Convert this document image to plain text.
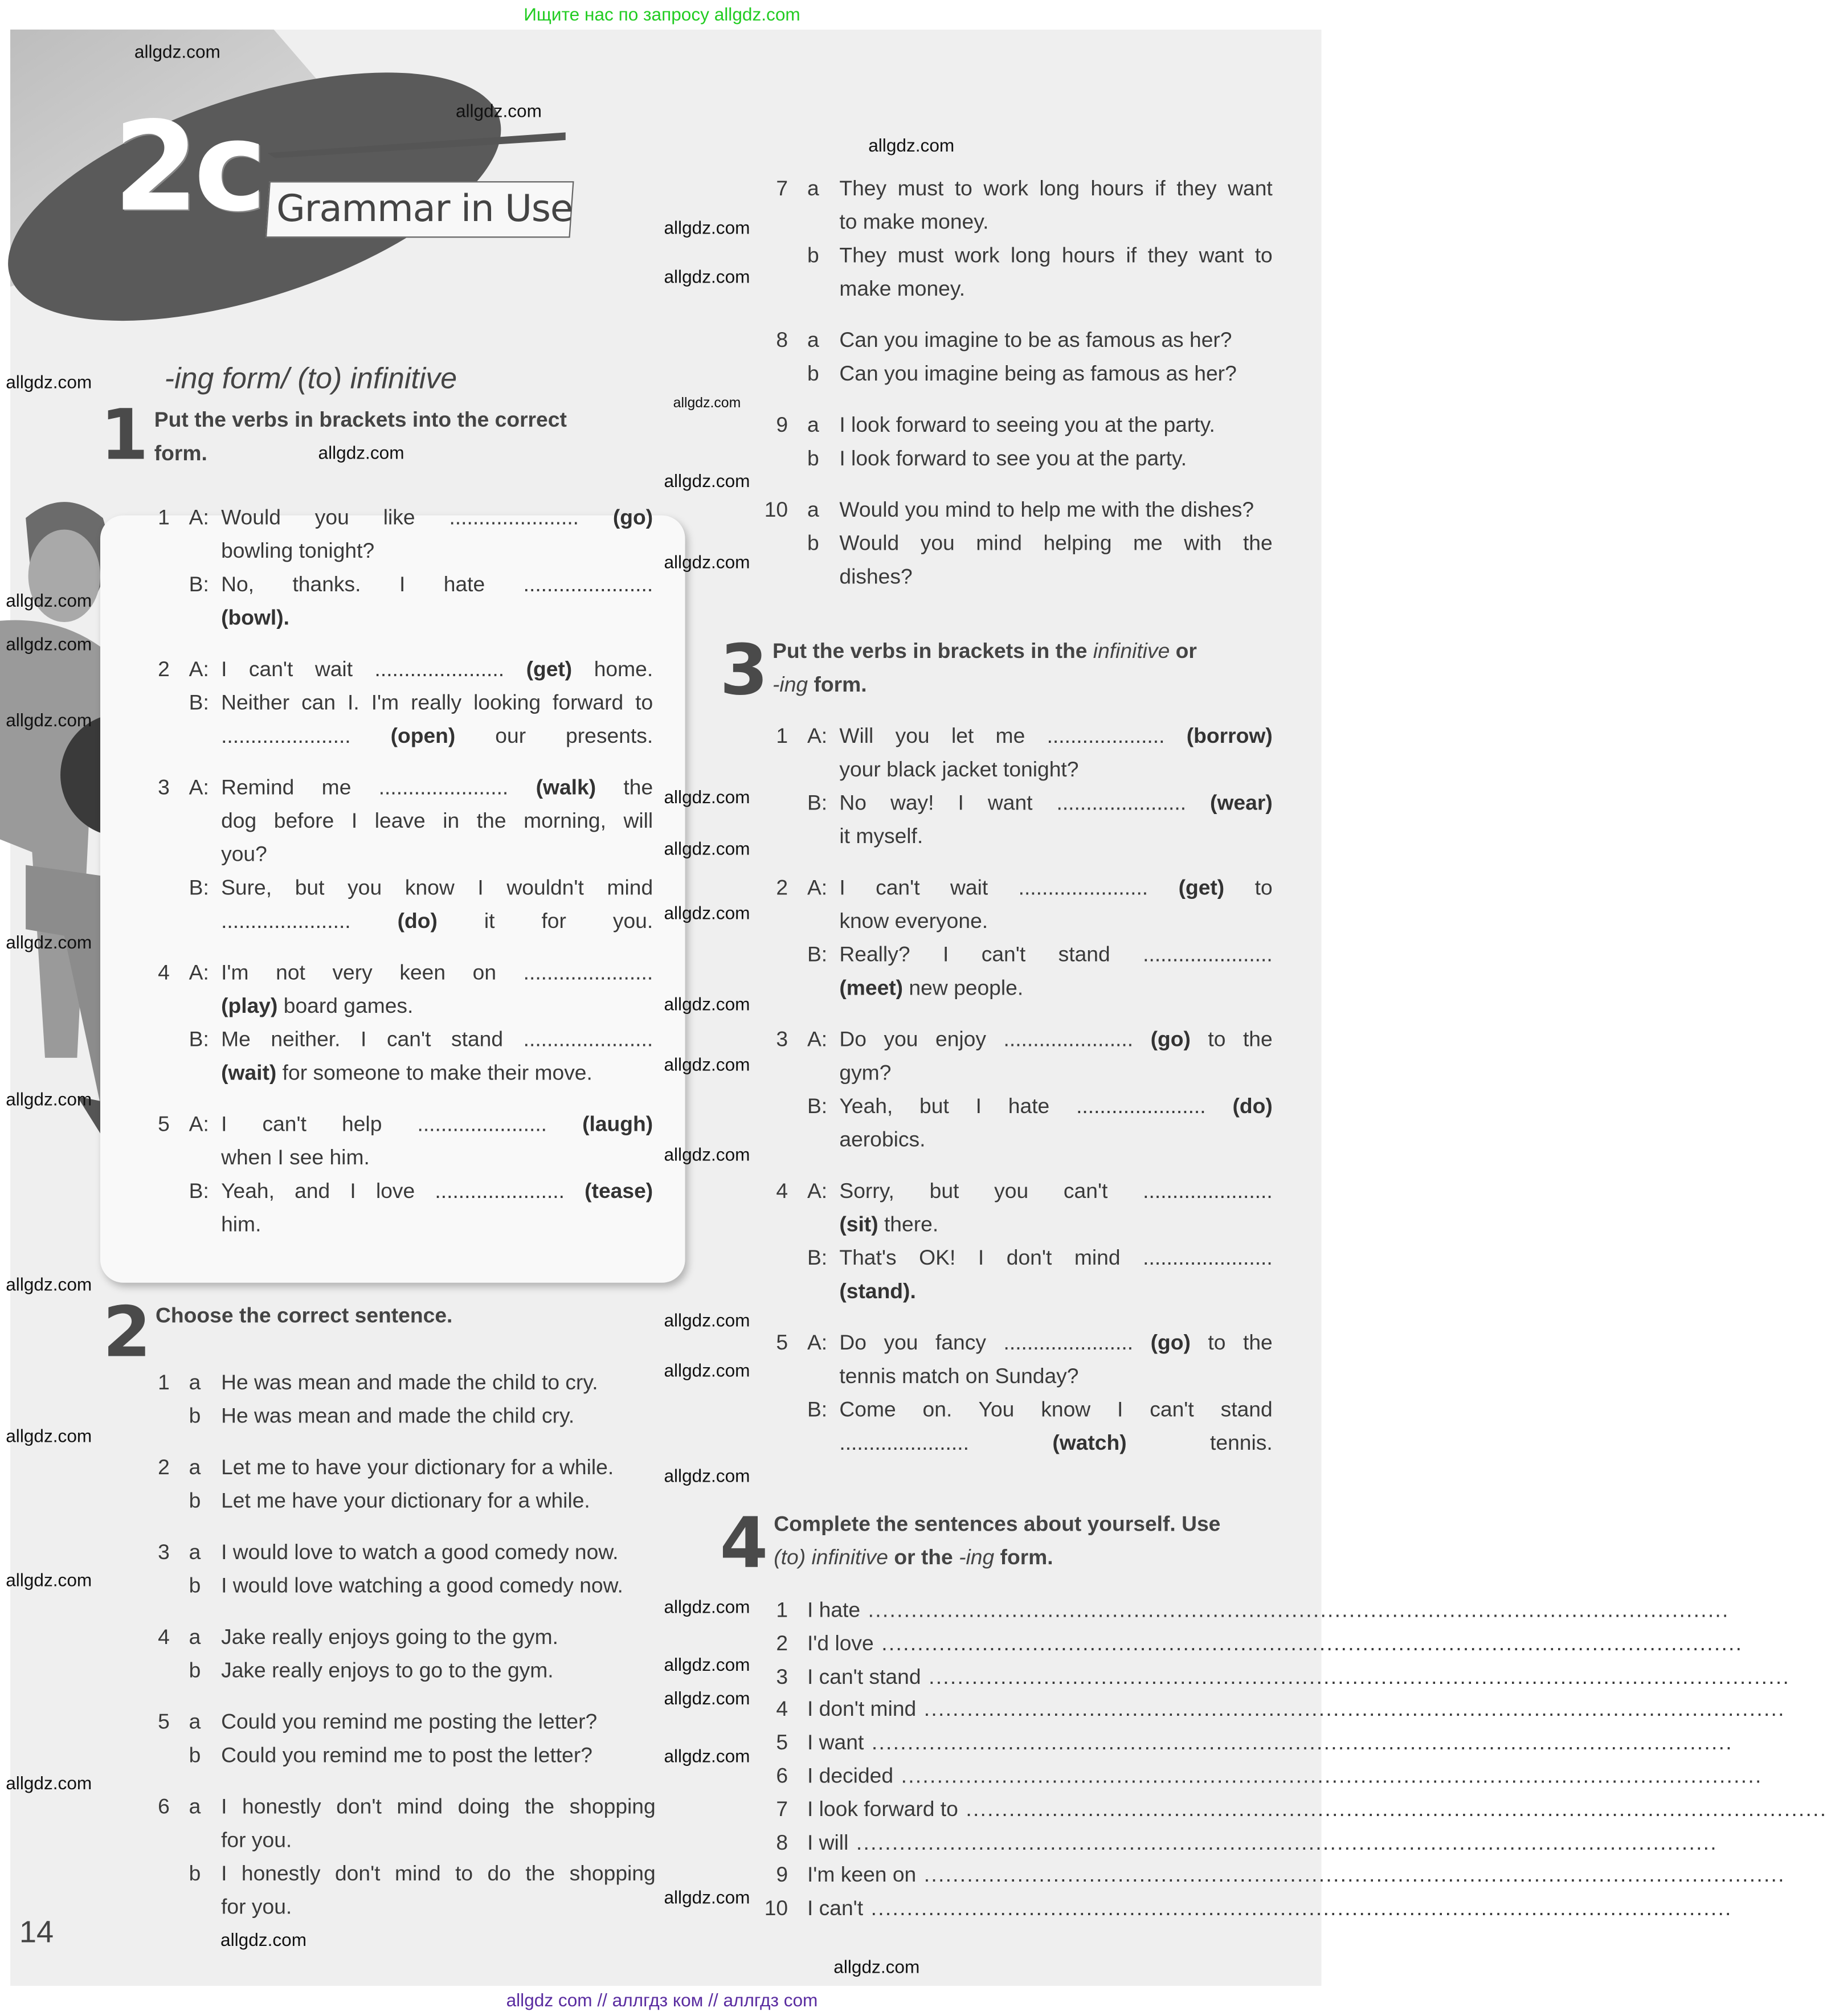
Ищите нас по запросу allgdz.com
2c Grammar in Use
-ing form/ (to) infinitive
1 Put the verbs in brackets into the correct
form.
1 A:	Would you like ...................... (go)
bowling tonight?
B:	No, thanks. I hate ......................
(bowl).
2 A:	I can't wait ...................... (get) home.
B:	Neither can I. I'm really looking forward to
...................... (open) our presents.
3 A:	Remind me ...................... (walk) the
dog before I leave in the morning, will
you?
B:	Sure, but you know I wouldn't mind
...................... (do) it for you.
4 A:	I'm not very keen on ......................
(play) board games.
B:	Me neither. I can't stand ......................
(wait) for someone to make their move.
5 A:	I can't help ...................... (laugh)
when I see him.
B:	Yeah, and I love ...................... (tease)
him.
2 Choose the correct sentence.
1 a	He was mean and made the child to cry.
b	He was mean and made the child cry.
2 a	Let me to have your dictionary for a while.
b	Let me have your dictionary for a while.
3 a	I would love to watch a good comedy now.
b	I would love watching a good comedy now.
4 a	Jake really enjoys going to the gym.
b	Jake really enjoys to go to the gym.
5 a	Could you remind me posting the letter?
b	Could you remind me to post the letter?
6 a	I honestly don't mind doing the shopping
for you.
b	I honestly don't mind to do the shopping
for you.
7 a	They must to work long hours if they want
to make money.
b	They must work long hours if they want to
make money.
8 a	Can you imagine to be as famous as her?
b	Can you imagine being as famous as her?
9 a	I look forward to seeing you at the party.
b	I look forward to see you at the party.
10 a	Would you mind to help me with the dishes?
b	Would you mind helping me with the
dishes?
3 Put the verbs in brackets in the infinitive or
-ing form.
1 A:	Will you let me .................... (borrow)
your black jacket tonight?
B:	No way! I want ...................... (wear)
it myself.
2 A:	I can't wait ...................... (get) to
know everyone.
B:	Really? I can't stand ......................
(meet) new people.
3 A:	Do you enjoy ...................... (go) to the
gym?
B:	Yeah, but I hate ...................... (do)
aerobics.
4 A:	Sorry, but you can't ......................
(sit) there.
B:	That's OK! I don't mind ......................
(stand).
5 A:	Do you fancy ...................... (go) to the
tennis match on Sunday?
B:	Come on. You know I can't stand
...................... (watch) tennis.
4 Complete the sentences about yourself. Use
(to) infinitive or the -ing form.
1 I hate ........................................................................................................................
2 I'd love ........................................................................................................................
3 I can't stand ........................................................................................................................
4 I don't mind ........................................................................................................................
5 I want ........................................................................................................................
6 I decided ........................................................................................................................
7 I look forward to ........................................................................................................................
8 I will ........................................................................................................................
9 I'm keen on ........................................................................................................................
10 I can't ........................................................................................................................
14
allgdz.com
allgdz.com
allgdz.com
allgdz.com
allgdz.com
allgdz.com
allgdz.com
allgdz.com
allgdz.com
allgdz.com
allgdz.com
allgdz.com
allgdz.com
allgdz.com
allgdz.com
allgdz.com
allgdz.com
allgdz.com
allgdz.com
allgdz.com
allgdz.com
allgdz.com
allgdz.com
allgdz.com
allgdz.com
allgdz.com
allgdz.com
allgdz.com
allgdz.com
allgdz.com
allgdz.com
allgdz.com
allgdz.com
allgdz.com
allgdz.com
allgdz com // аллгдз ком // аллгдз com
